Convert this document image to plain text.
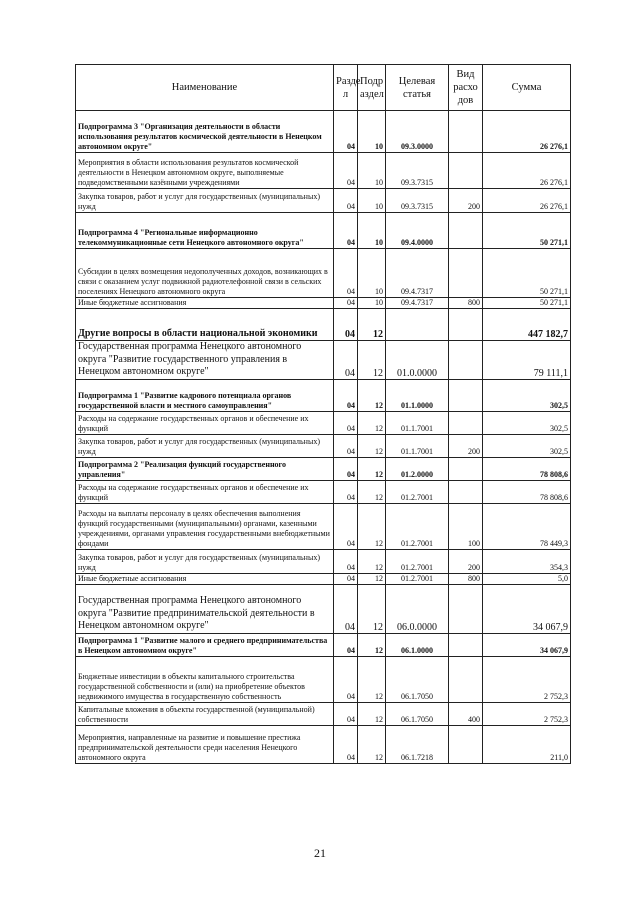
Наименование	Разде л	Подр аздел	Целевая статья	Вид расхо дов	Сумма
Подпрограмма 3 "Организация деятельности в области использования результатов космической деятельности в Ненецком автономном округе"	04	10	09.3.0000		26 276,1
Мероприятия в области использования результатов космической деятельности в Ненецком автономном округе, выполняемые подведомственными казёнными учреждениями	04	10	09.3.7315		26 276,1
Закупка товаров, работ и услуг для государственных (муниципальных) нужд	04	10	09.3.7315	200	26 276,1
Подпрограмма 4 "Региональные информационно телекоммуникационные сети Ненецкого автономного округа"	04	10	09.4.0000		50 271,1
Субсидии в целях возмещения недополученных доходов, возникающих в связи с оказанием услуг подвижной радиотелефонной связи в сельских поселениях Ненецкого автономного округа	04	10	09.4.7317		50 271,1
Иные бюджетные ассигнования	04	10	09.4.7317	800	50 271,1
Другие вопросы в области национальной экономики	04	12			447 182,7
Государственная программа Ненецкого автономного округа "Развитие государственного управления в Ненецком автономном округе"	04	12	01.0.0000		79 111,1
Подпрограмма 1 "Развитие кадрового потенциала органов государственной власти и местного самоуправления"	04	12	01.1.0000		302,5
Расходы на содержание государственных органов и обеспечение их функций	04	12	01.1.7001		302,5
Закупка товаров, работ и услуг для государственных (муниципальных) нужд	04	12	01.1.7001	200	302,5
Подпрограмма 2 "Реализация функций государственного управления"	04	12	01.2.0000		78 808,6
Расходы на содержание государственных органов и обеспечение их функций	04	12	01.2.7001		78 808,6
Расходы на выплаты персоналу в целях обеспечения выполнения функций государственными (муниципальными) органами, казенными учреждениями, органами управления государственными внебюджетными фондами	04	12	01.2.7001	100	78 449,3
Закупка товаров, работ и услуг для государственных (муниципальных) нужд	04	12	01.2.7001	200	354,3
Иные бюджетные ассигнования	04	12	01.2.7001	800	5,0
Государственная программа Ненецкого автономного округа "Развитие предпринимательской деятельности в Ненецком автономном округе"	04	12	06.0.0000		34 067,9
Подпрограмма 1 "Развитие малого и среднего предпринимательства в Ненецком автономном округе"	04	12	06.1.0000		34 067,9
Бюджетные инвестиции в объекты капитального строительства государственной собственности и (или) на приобретение объектов недвижимого имущества в государственную собственность	04	12	06.1.7050		2 752,3
Капитальные вложения в объекты государственной (муниципальной) собственности	04	12	06.1.7050	400	2 752,3
Мероприятия, направленные на развитие и повышение престижа предпринимательской деятельности среди населения Ненецкого автономного округа	04	12	06.1.7218		211,0
21
